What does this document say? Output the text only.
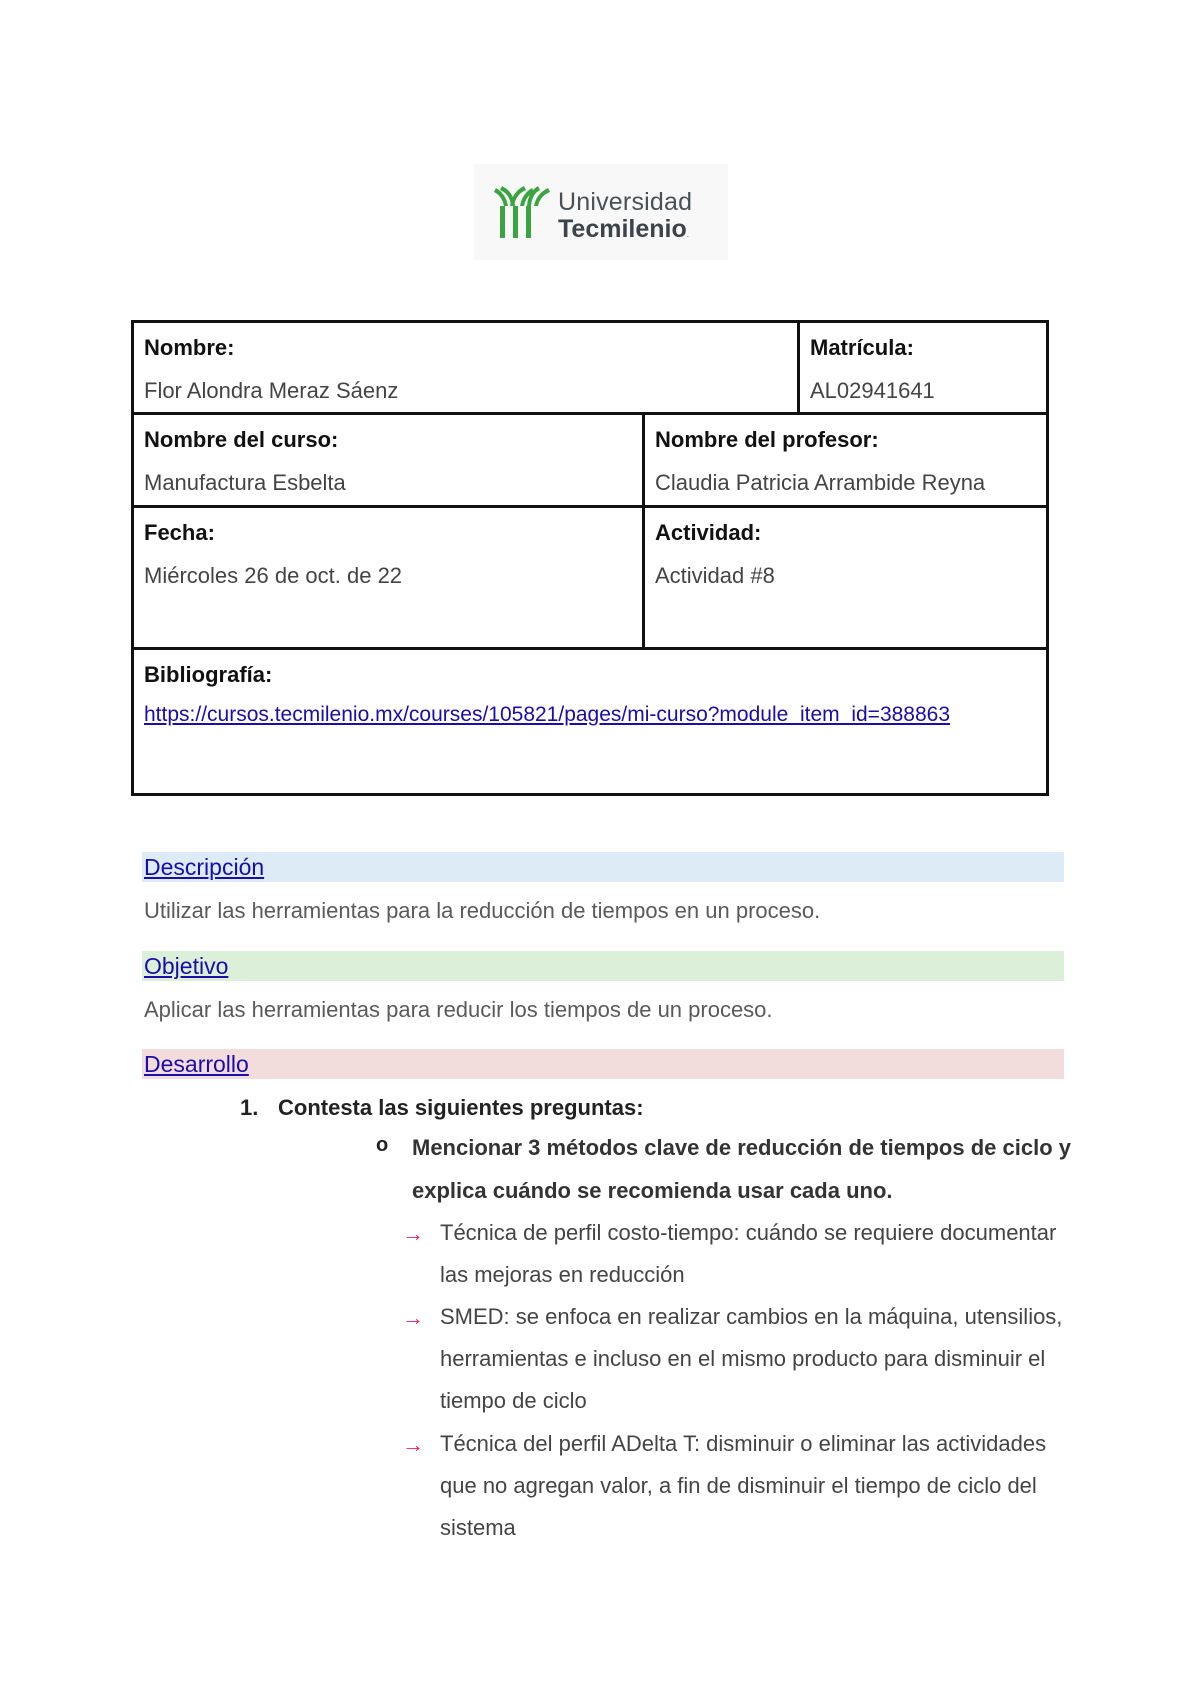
Universidad
Tecmilenio.
Nombre:
Flor Alondra Meraz Sáenz
Matrícula:
AL02941641
Nombre del curso:
Manufactura Esbelta
Nombre del profesor:
Claudia Patricia Arrambide Reyna
Fecha:
Miércoles 26 de oct. de 22
Actividad:
Actividad #8
Bibliografía:
https://cursos.tecmilenio.mx/courses/105821/pages/mi-curso?module_item_id=388863
Descripción
Utilizar las herramientas para la reducción de tiempos en un proceso.
Objetivo
Aplicar las herramientas para reducir los tiempos de un proceso.
Desarrollo
1. Contesta las siguientes preguntas:
o Mencionar 3 métodos clave de reducción de tiempos de ciclo y explica cuándo se recomienda usar cada uno.
→ Técnica de perfil costo-tiempo: cuándo se requiere documentar las mejoras en reducción
→ SMED: se enfoca en realizar cambios en la máquina, utensilios, herramientas e incluso en el mismo producto para disminuir el tiempo de ciclo
→ Técnica del perfil ADelta T: disminuir o eliminar las actividades que no agregan valor, a fin de disminuir el tiempo de ciclo del sistema
